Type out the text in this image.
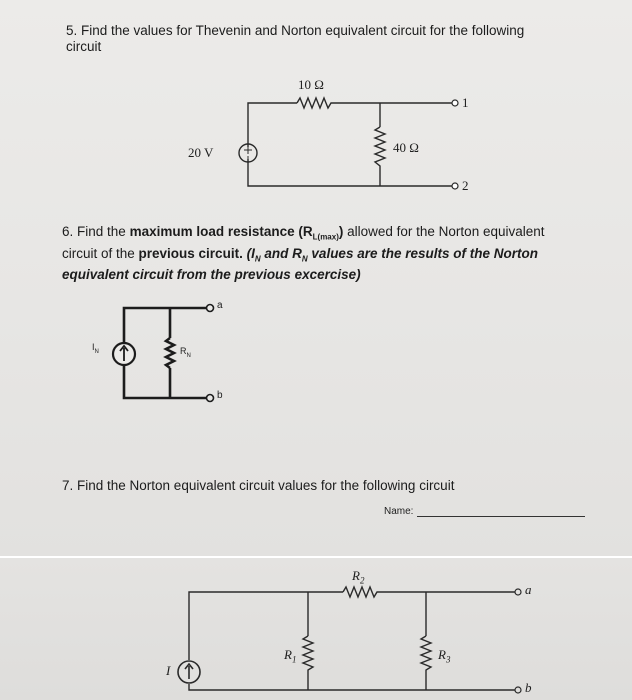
5. Find the values for Thevenin and Norton equivalent circuit for the following circuit

10 Ω
40 Ω
20 V
1
2

6. Find the maximum load resistance $(R_{L(max)})$ allowed for the Norton equivalent circuit of the previous circuit. ($I_N$ and $R_N$ values are the results of the Norton equivalent circuit from the previous excercise)

$I_N$	$R_N$
a
b

7. Find the Norton equivalent circuit values for the following circuit

Name:
I
$R_1$
$R_2$
$R_3$
a
b
